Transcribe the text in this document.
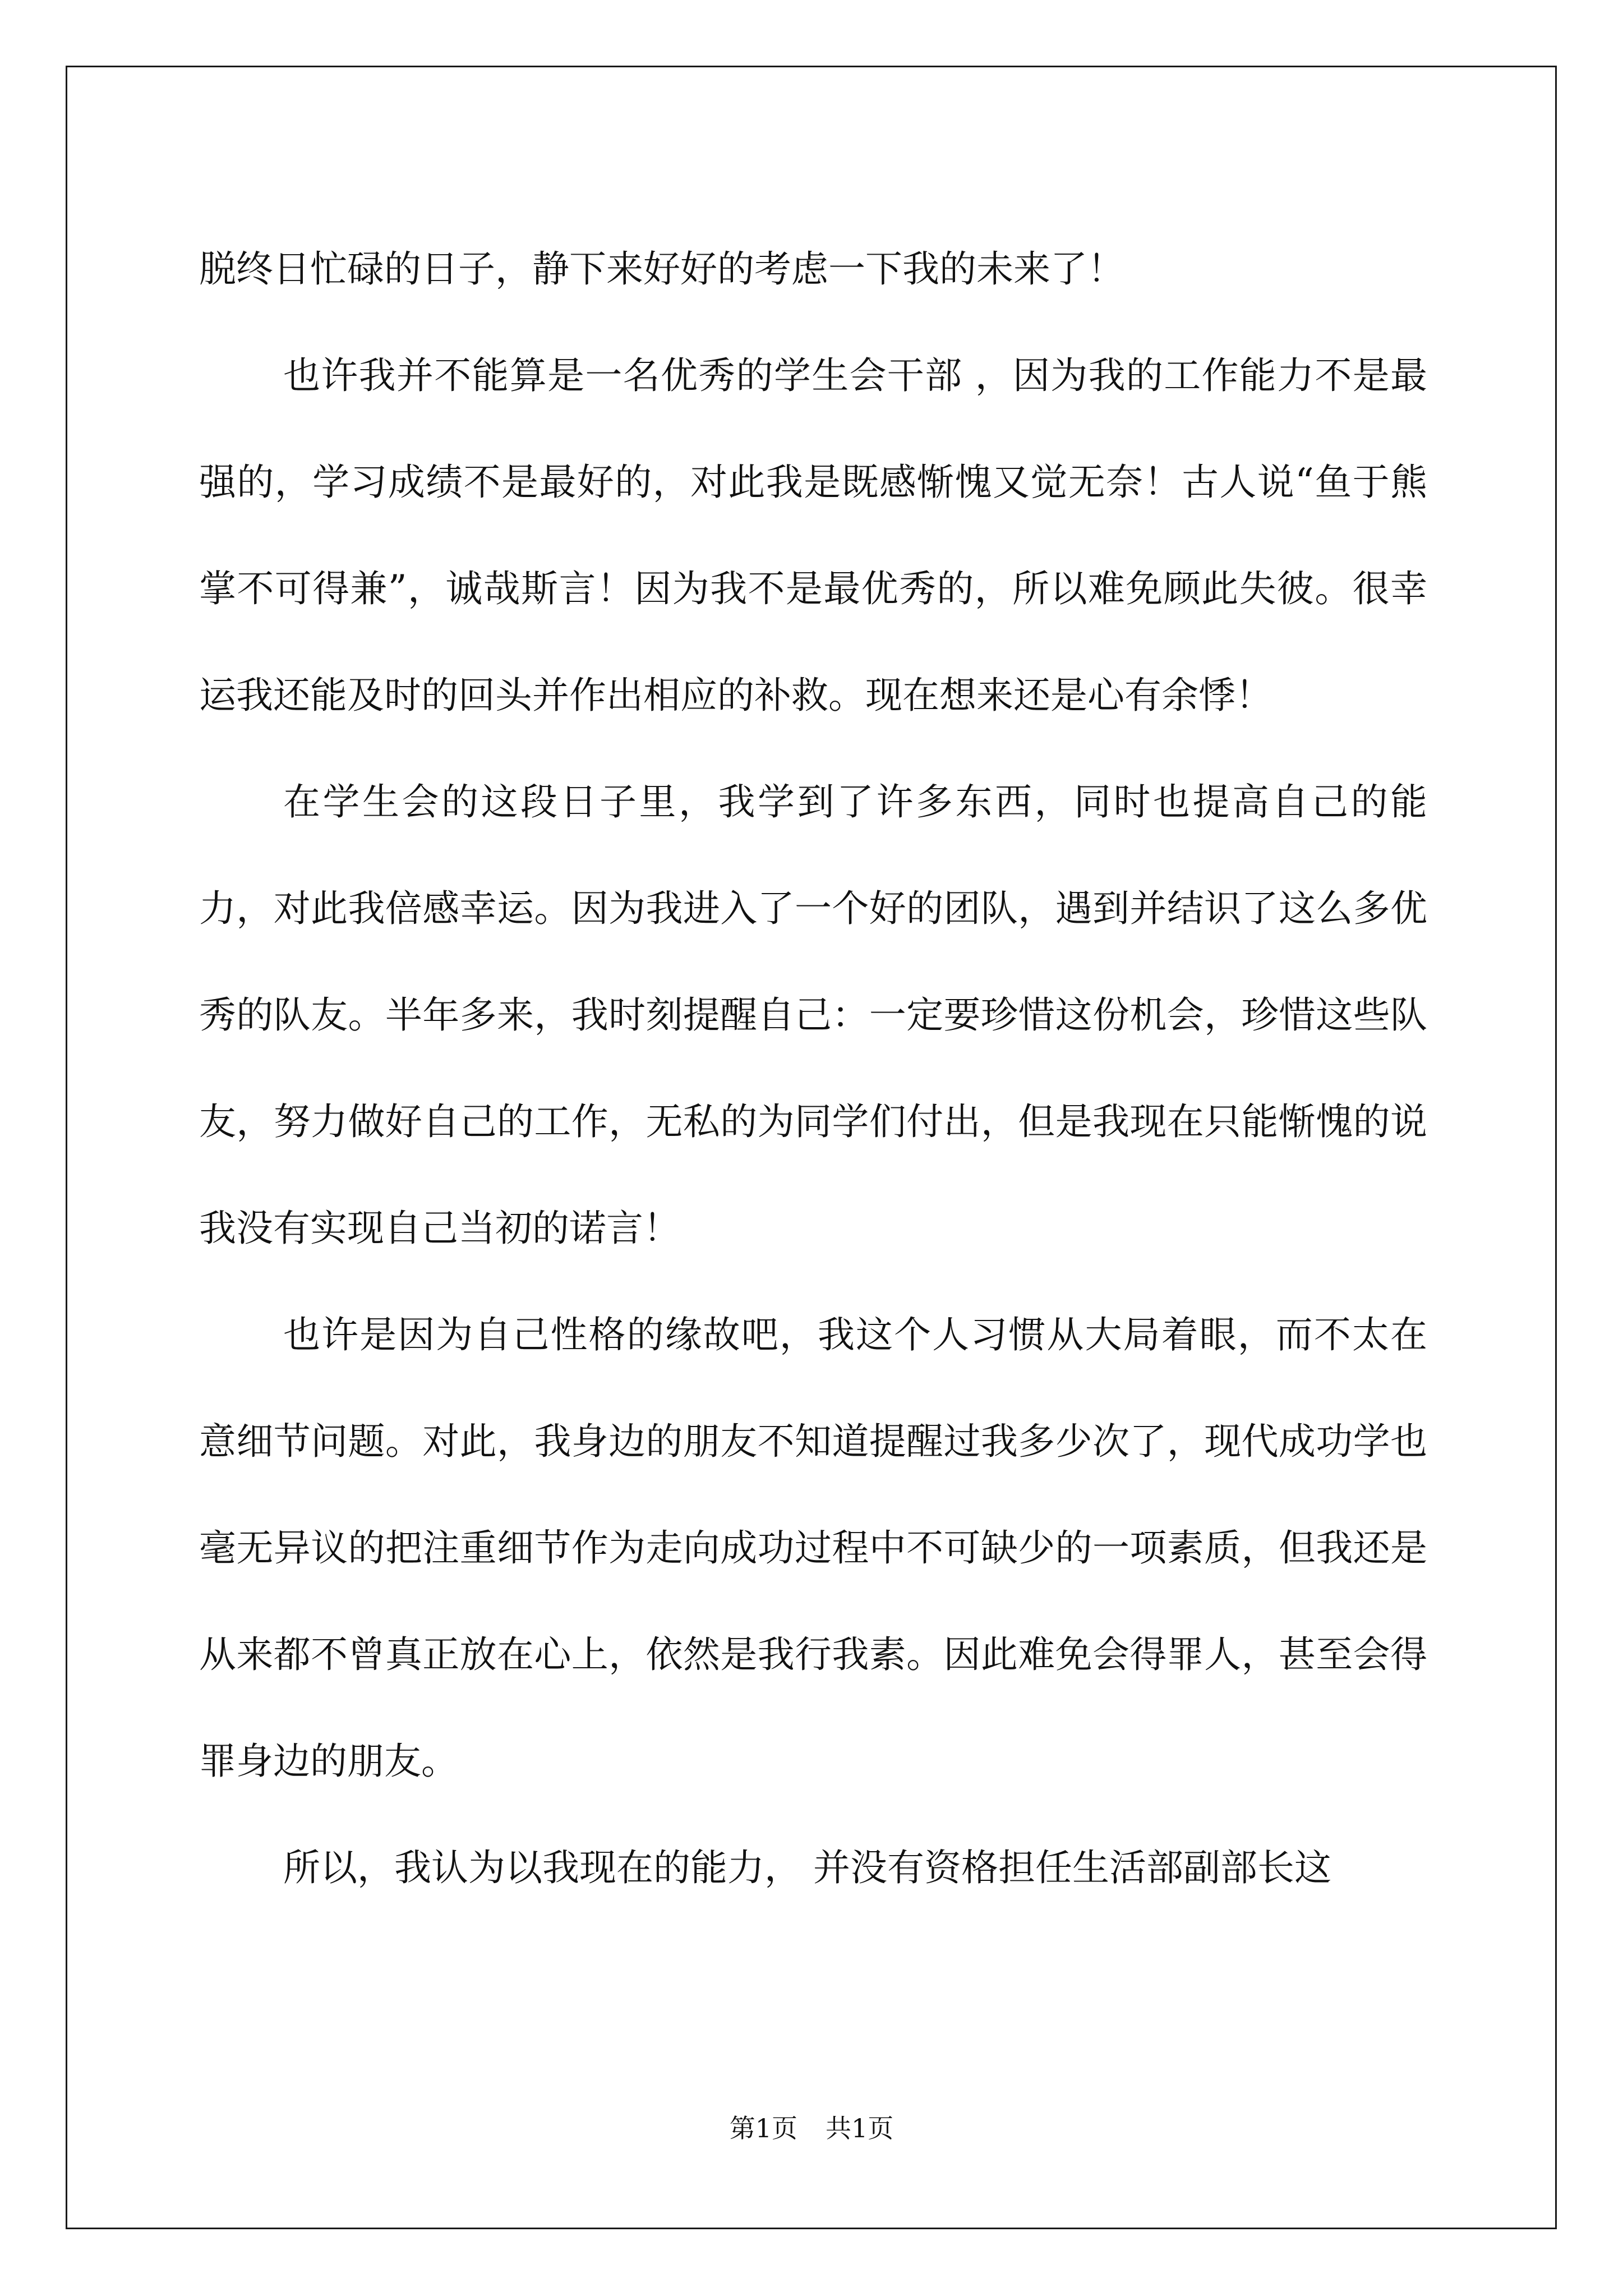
脱终日忙碌的日子，静下来好好的考虑一下我的未来了！

也许我并不能算是一名优秀的学生会干部 ，因为我的工作能力不是最强的，学习成绩不是最好的，对此我是既感惭愧又觉无奈！古人说“鱼于熊掌不可得兼”，诚哉斯言！因为我不是最优秀的，所以难免顾此失彼。很幸运我还能及时的回头并作出相应的补救。现在想来还是心有余悸！

在学生会的这段日子里，我学到了许多东西，同时也提高自己的能力，对此我倍感幸运。因为我进入了一个好的团队，遇到并结识了这么多优秀的队友。半年多来，我时刻提醒自己：一定要珍惜这份机会，珍惜这些队友，努力做好自己的工作，无私的为同学们付出，但是我现在只能惭愧的说我没有实现自己当初的诺言！

也许是因为自己性格的缘故吧，我这个人习惯从大局着眼，而不太在意细节问题。对此，我身边的朋友不知道提醒过我多少次了，现代成功学也毫无异议的把注重细节作为走向成功过程中不可缺少的一项素质，但我还是从来都不曾真正放在心上，依然是我行我素。因此难免会得罪人，甚至会得罪身边的朋友。

所以，我认为以我现在的能力， 并没有资格担任生活部副部长这

第1页 共1页
